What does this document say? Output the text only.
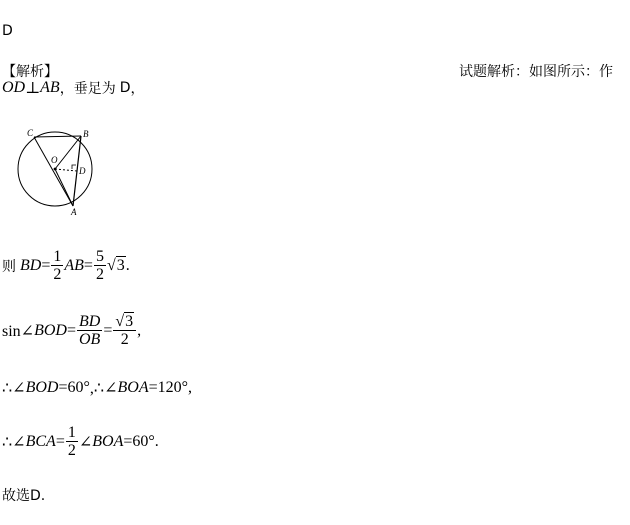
D
【解析】	试题解析：如图所示：作
OD ⊥ AB ，垂足为 D ，
C	B
O
D
A
则 BD = $\frac{1}{2}$ AB = $\frac{5}{2}$ √ 3 .
sin∠ BOD = $\frac{BD}{OB} = \frac{√3}{2}$ ,
∴∠ BOD =60° ,∴∠ BOA =120° ,
∴∠ BCA = $\frac{1}{2}$ ∠ BOA =60°.
故选D.
